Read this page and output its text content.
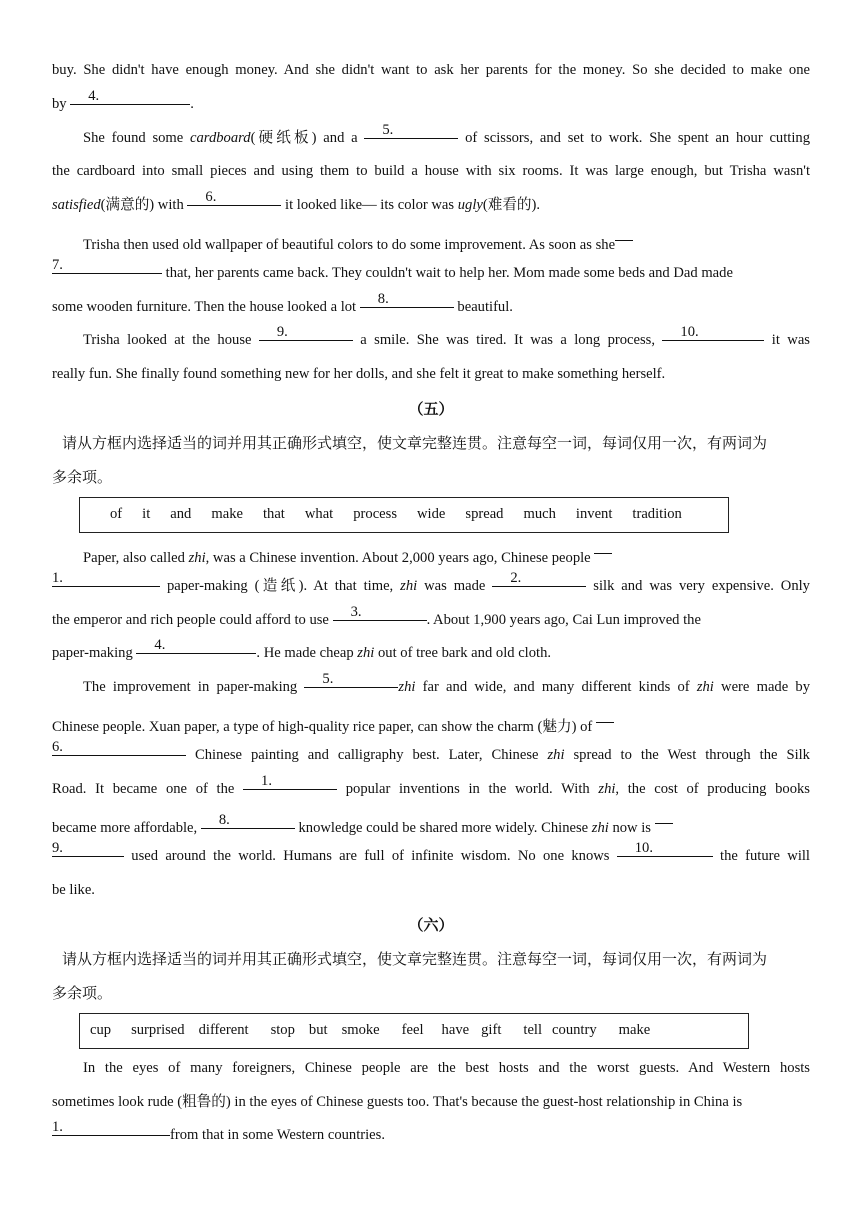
buy. She didn't have enough money. And she didn't want to ask her parents for the money. So she decided to make one
by 4.	.
She found some cardboard(硬纸板) and a 5.	of scissors, and set to work. She spent an hour cutting
the cardboard into small pieces and using them to build a house with six rooms. It was large enough, but Trisha wasn't
satisfied(满意的) with 6.	it looked like— its color was ugly(难看的).
Trisha then used old wallpaper of beautiful colors to do some improvement. As soon as she
7.	that, her parents came back. They couldn't wait to help her. Mom made some beds and Dad made
some wooden furniture. Then the house looked a lot 8.	beautiful.
Trisha looked at the house 9.	a smile. She was tired. It was a long process, 10.	it was
really fun. She finally found something new for her dolls, and she felt it great to make something herself.
（五）
请从方框内选择适当的词并用其正确形式填空，使文章完整连贯。注意每空一词，每词仅用一次，有两词为
多余项。
of it and make that what process wide spread much invent tradition
Paper, also called zhi, was a Chinese invention. About 2,000 years ago, Chinese people
1.	paper-making (造纸). At that time, zhi was made 2.	silk and was very expensive. Only
the emperor and rich people could afford to use 3.	. About 1,900 years ago, Cai Lun improved the
paper-making 4.	. He made cheap zhi out of tree bark and old cloth.
The improvement in paper-making 5.	zhi far and wide, and many different kinds of zhi were made by
Chinese people. Xuan paper, a type of high-quality rice paper, can show the charm (魅力) of
6.	Chinese painting and calligraphy best. Later, Chinese zhi spread to the West through the Silk
Road. It became one of the 1.	popular inventions in the world. With zhi, the cost of producing books
became more affordable, 8.	knowledge could be shared more widely. Chinese zhi now is
9.	used around the world. Humans are full of infinite wisdom. No one knows 10.	the future will
be like.
（六）
请从方框内选择适当的词并用其正确形式填空，使文章完整连贯。注意每空一词，每词仅用一次，有两词为
多余项。
cup surprised different stop but smoke feel have gift tell country make
In the eyes of many foreigners, Chinese people are the best hosts and the worst guests. And Western hosts
sometimes look rude (粗鲁的) in the eyes of Chinese guests too. That's because the guest-host relationship in China is
1.	from that in some Western countries.
